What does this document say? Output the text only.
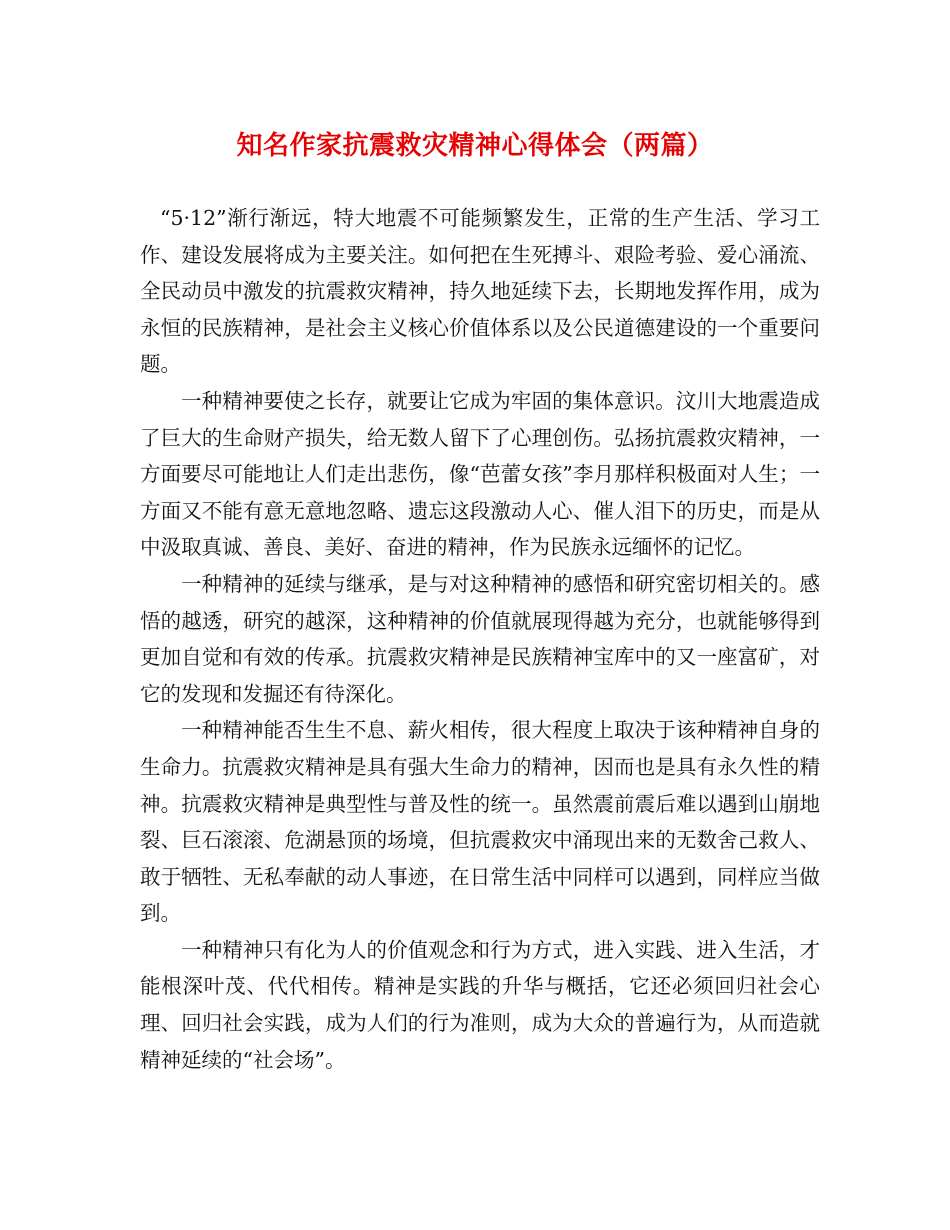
知名作家抗震救灾精神心得体会（两篇）

“5·12”渐行渐远，特大地震不可能频繁发生，正常的生产生活、学习工作、建设发展将成为主要关注。如何把在生死搏斗、艰险考验、爱心涌流、全民动员中激发的抗震救灾精神，持久地延续下去，长期地发挥作用，成为永恒的民族精神，是社会主义核心价值体系以及公民道德建设的一个重要问题。

一种精神要使之长存，就要让它成为牢固的集体意识。汶川大地震造成了巨大的生命财产损失，给无数人留下了心理创伤。弘扬抗震救灾精神，一方面要尽可能地让人们走出悲伤，像“芭蕾女孩”李月那样积极面对人生；一方面又不能有意无意地忽略、遗忘这段激动人心、催人泪下的历史，而是从中汲取真诚、善良、美好、奋进的精神，作为民族永远缅怀的记忆。

一种精神的延续与继承，是与对这种精神的感悟和研究密切相关的。感悟的越透，研究的越深，这种精神的价值就展现得越为充分，也就能够得到更加自觉和有效的传承。抗震救灾精神是民族精神宝库中的又一座富矿，对它的发现和发掘还有待深化。

一种精神能否生生不息、薪火相传，很大程度上取决于该种精神自身的生命力。抗震救灾精神是具有强大生命力的精神，因而也是具有永久性的精神。抗震救灾精神是典型性与普及性的统一。虽然震前震后难以遇到山崩地裂、巨石滚滚、危湖悬顶的场境，但抗震救灾中涌现出来的无数舍己救人、敢于牺牲、无私奉献的动人事迹，在日常生活中同样可以遇到，同样应当做到。

一种精神只有化为人的价值观念和行为方式，进入实践、进入生活，才能根深叶茂、代代相传。精神是实践的升华与概括，它还必须回归社会心理、回归社会实践，成为人们的行为准则，成为大众的普遍行为，从而造就精神延续的“社会场”。
